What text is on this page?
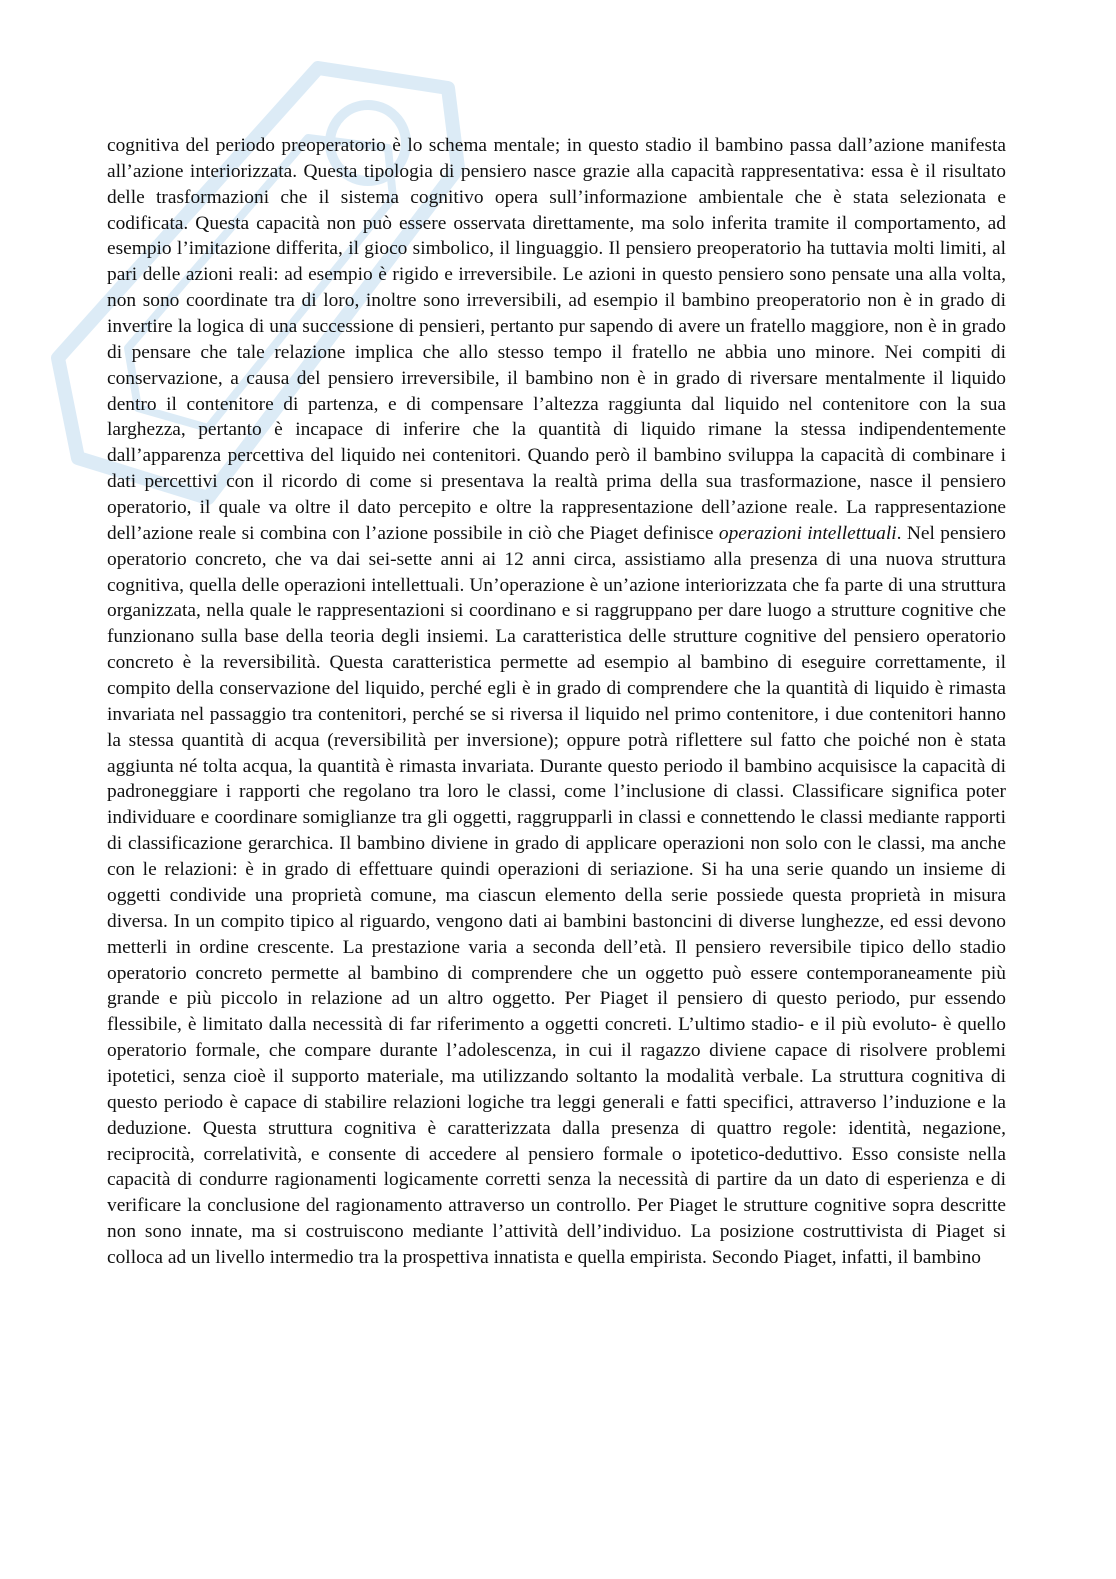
cognitiva del periodo preoperatorio è lo schema mentale; in questo stadio il bambino passa dall’azione manifesta all’azione interiorizzata. Questa tipologia di pensiero nasce grazie alla capacità rappresentativa: essa è il risultato delle trasformazioni che il sistema cognitivo opera sull’informazione ambientale che è stata selezionata e codificata. Questa capacità non può essere osservata direttamente, ma solo inferita tramite il comportamento, ad esempio l’imitazione differita, il gioco simbolico, il linguaggio. Il pensiero preoperatorio ha tuttavia molti limiti, al pari delle azioni reali: ad esempio è rigido e irreversibile. Le azioni in questo pensiero sono pensate una alla volta, non sono coordinate tra di loro, inoltre sono irreversibili, ad esempio il bambino preoperatorio non è in grado di invertire la logica di una successione di pensieri, pertanto pur sapendo di avere un fratello maggiore, non è in grado di pensare che tale relazione implica che allo stesso tempo il fratello ne abbia uno minore. Nei compiti di conservazione, a causa del pensiero irreversibile, il bambino non è in grado di riversare mentalmente il liquido dentro il contenitore di partenza, e di compensare l’altezza raggiunta dal liquido nel contenitore con la sua larghezza, pertanto è incapace di inferire che la quantità di liquido rimane la stessa indipendentemente dall’apparenza percettiva del liquido nei contenitori. Quando però il bambino sviluppa la capacità di combinare i dati percettivi con il ricordo di come si presentava la realtà prima della sua trasformazione, nasce il pensiero operatorio, il quale va oltre il dato percepito e oltre la rappresentazione dell’azione reale. La rappresentazione dell’azione reale si combina con l’azione possibile in ciò che Piaget definisce operazioni intellettuali. Nel pensiero operatorio concreto, che va dai sei-sette anni ai 12 anni circa, assistiamo alla presenza di una nuova struttura cognitiva, quella delle operazioni intellettuali. Un’operazione è un’azione interiorizzata che fa parte di una struttura organizzata, nella quale le rappresentazioni si coordinano e si raggruppano per dare luogo a strutture cognitive che funzionano sulla base della teoria degli insiemi. La caratteristica delle strutture cognitive del pensiero operatorio concreto è la reversibilità. Questa caratteristica permette ad esempio al bambino di eseguire correttamente, il compito della conservazione del liquido, perché egli è in grado di comprendere che la quantità di liquido è rimasta invariata nel passaggio tra contenitori, perché se si riversa il liquido nel primo contenitore, i due contenitori hanno la stessa quantità di acqua (reversibilità per inversione); oppure potrà riflettere sul fatto che poiché non è stata aggiunta né tolta acqua, la quantità è rimasta invariata. Durante questo periodo il bambino acquisisce la capacità di padroneggiare i rapporti che regolano tra loro le classi, come l’inclusione di classi. Classificare significa poter individuare e coordinare somiglianze tra gli oggetti, raggrupparli in classi e connettendo le classi mediante rapporti di classificazione gerarchica. Il bambino diviene in grado di applicare operazioni non solo con le classi, ma anche con le relazioni: è in grado di effettuare quindi operazioni di seriazione. Si ha una serie quando un insieme di oggetti condivide una proprietà comune, ma ciascun elemento della serie possiede questa proprietà in misura diversa. In un compito tipico al riguardo, vengono dati ai bambini bastoncini di diverse lunghezze, ed essi devono metterli in ordine crescente. La prestazione varia a seconda dell’età. Il pensiero reversibile tipico dello stadio operatorio concreto permette al bambino di comprendere che un oggetto può essere contemporaneamente più grande e più piccolo in relazione ad un altro oggetto. Per Piaget il pensiero di questo periodo, pur essendo flessibile, è limitato dalla necessità di far riferimento a oggetti concreti. L’ultimo stadio- e il più evoluto- è quello operatorio formale, che compare durante l’adolescenza, in cui il ragazzo diviene capace di risolvere problemi ipotetici, senza cioè il supporto materiale, ma utilizzando soltanto la modalità verbale. La struttura cognitiva di questo periodo è capace di stabilire relazioni logiche tra leggi generali e fatti specifici, attraverso l’induzione e la deduzione. Questa struttura cognitiva è caratterizzata dalla presenza di quattro regole: identità, negazione, reciprocità, correlatività, e consente di accedere al pensiero formale o ipotetico-deduttivo. Esso consiste nella capacità di condurre ragionamenti logicamente corretti senza la necessità di partire da un dato di esperienza e di verificare la conclusione del ragionamento attraverso un controllo. Per Piaget le strutture cognitive sopra descritte non sono innate, ma si costruiscono mediante l’attività dell’individuo. La posizione costruttivista di Piaget si colloca ad un livello intermedio tra la prospettiva innatista e quella empirista. Secondo Piaget, infatti, il bambino
